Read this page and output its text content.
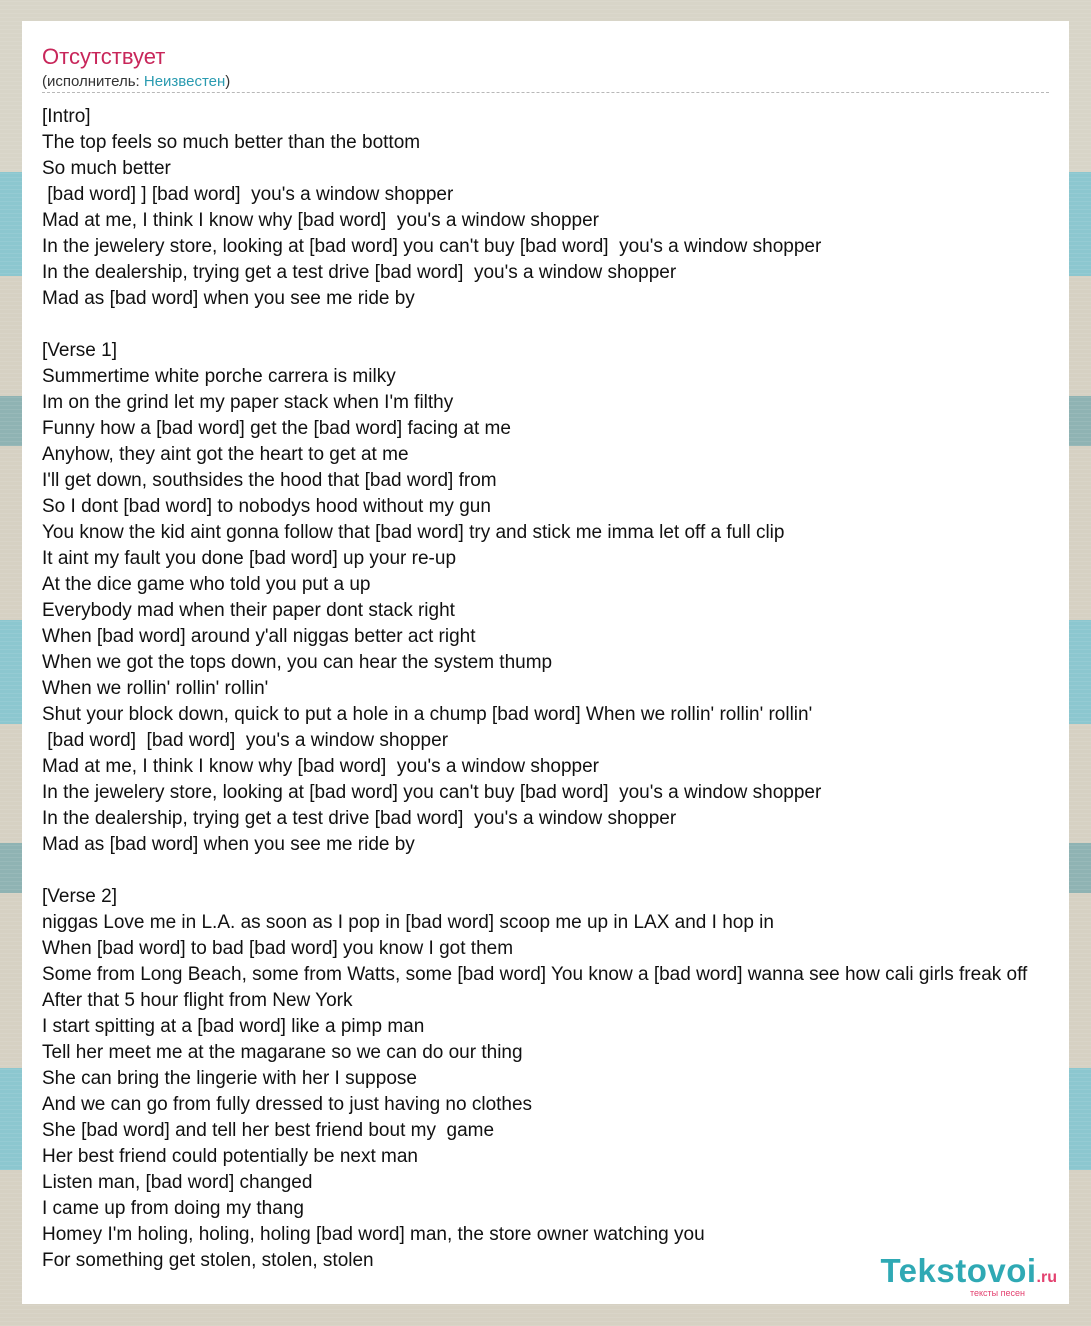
Отсутствует
(исполнитель: Неизвестен)
[Intro]
The top feels so much better than the bottom
So much better
[bad word] ] [bad word]  you's a window shopper
Mad at me, I think I know why [bad word]  you's a window shopper
In the jewelery store, looking at [bad word] you can't buy [bad word]  you's a window shopper
In the dealership, trying get a test drive [bad word]  you's a window shopper
Mad as [bad word] when you see me ride by
[Verse 1]
Summertime white porche carrera is milky
Im on the grind let my paper stack when I'm filthy
Funny how a [bad word] get the [bad word] facing at me
Anyhow, they aint got the heart to get at me
I'll get down, southsides the hood that [bad word] from
So I dont [bad word] to nobodys hood without my gun
You know the kid aint gonna follow that [bad word] try and stick me imma let off a full clip
It aint my fault you done [bad word] up your re-up
At the dice game who told you put a up
Everybody mad when their paper dont stack right
When [bad word] around y'all niggas better act right
When we got the tops down, you can hear the system thump
When we rollin' rollin' rollin'
Shut your block down, quick to put a hole in a chump [bad word] When we rollin' rollin' rollin'
[bad word]  [bad word]  you's a window shopper
Mad at me, I think I know why [bad word]  you's a window shopper
In the jewelery store, looking at [bad word] you can't buy [bad word]  you's a window shopper
In the dealership, trying get a test drive [bad word]  you's a window shopper
Mad as [bad word] when you see me ride by
[Verse 2]
niggas Love me in L.A. as soon as I pop in [bad word] scoop me up in LAX and I hop in
When [bad word] to bad [bad word] you know I got them
Some from Long Beach, some from Watts, some [bad word] You know a [bad word] wanna see how cali girls freak off
After that 5 hour flight from New York
I start spitting at a [bad word] like a pimp man
Tell her meet me at the magarane so we can do our thing
She can bring the lingerie with her I suppose
And we can go from fully dressed to just having no clothes
She [bad word] and tell her best friend bout my  game
Her best friend could potentially be next man
Listen man, [bad word] changed
I came up from doing my thang
Homey I'm holing, holing, holing [bad word] man, the store owner watching you
For something get stolen, stolen, stolen	Tekstovoi.ru
тексты песен
